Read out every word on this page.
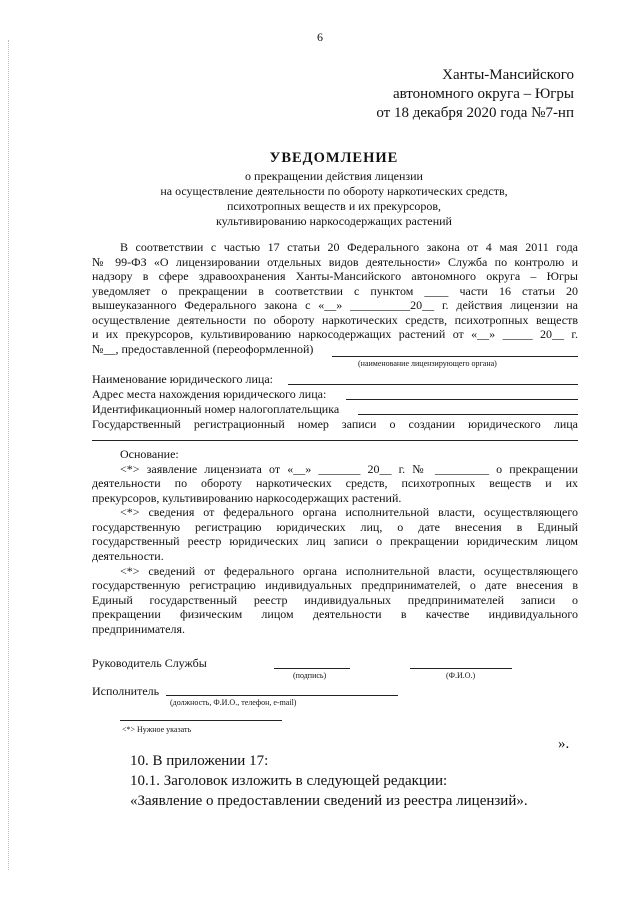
6
Ханты-Мансийского
автономного округа – Югры
от 18 декабря 2020 года №7-нп
УВЕДОМЛЕНИЕ
о прекращении действия лицензии
на осуществление деятельности по обороту наркотических средств,
психотропных веществ и их прекурсоров,
культивированию наркосодержащих растений
В соответствии с частью 17 статьи 20 Федерального закона от 4 мая 2011 года
№ 99-ФЗ «О лицензировании отдельных видов деятельности» Служба по контролю и
надзору в сфере здравоохранения Ханты-Мансийского автономного округа – Югры
уведомляет о прекращении в соответствии с пунктом ____ части 16 статьи 20
вышеуказанного Федерального закона с «__» __________20__ г. действия лицензии на
осуществление деятельности по обороту наркотических средств, психотропных веществ
и их прекурсоров, культивированию наркосодержащих растений от «__» _____ 20__ г.
№__, предоставленной (переоформленной)
(наименование лицензирующего органа)
Наименование юридического лица:
Адрес места нахождения юридического лица:
Идентификационный номер налогоплательщика
Государственный регистрационный номер записи о создании юридического лица
Основание:
<*> заявление лицензиата от «__» _______ 20__ г. № _________ о прекращении
деятельности по обороту наркотических средств, психотропных веществ и их
прекурсоров, культивированию наркосодержащих растений.
<*> сведения от федерального органа исполнительной власти, осуществляющего
государственную регистрацию юридических лиц, о дате внесения в Единый
государственный реестр юридических лиц записи о прекращении юридическим лицом
деятельности.
<*> сведений от федерального органа исполнительной власти, осуществляющего
государственную регистрацию индивидуальных предпринимателей, о дате внесения в
Единый государственный реестр индивидуальных предпринимателей записи о
прекращении физическим лицом деятельности в качестве индивидуального
предпринимателя.
Руководитель Службы
(подпись)	(Ф.И.О.)
Исполнитель
(должность, Ф.И.О., телефон, e-mail)
<*> Нужное указать
».
10. В приложении 17:
10.1. Заголовок изложить в следующей редакции:
«Заявление о предоставлении сведений из реестра лицензий».
